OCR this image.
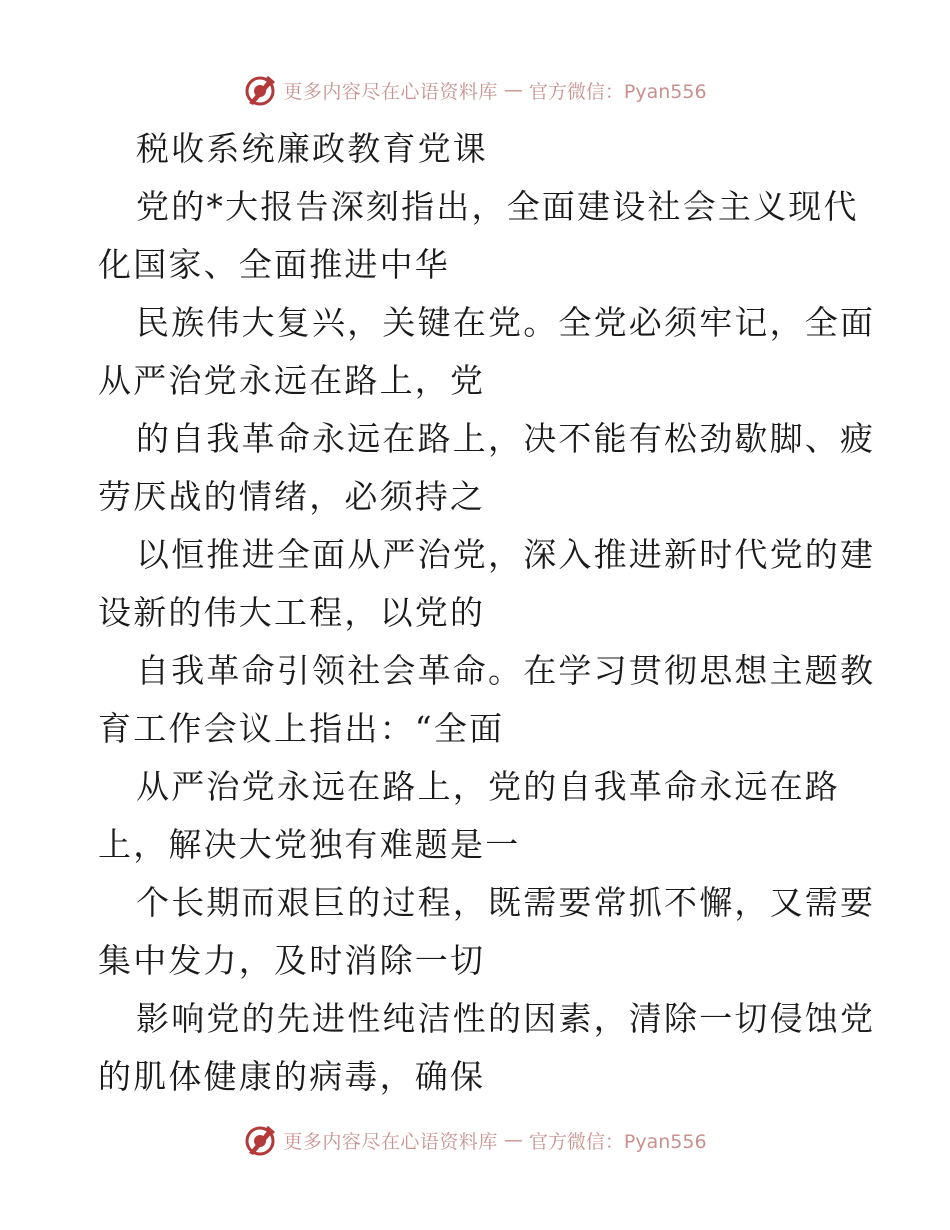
更多内容尽在心语资料库 — 官方微信：Pyan556
税收系统廉政教育党课
党的*大报告深刻指出，全面建设社会主义现代
化国家、全面推进中华
民族伟大复兴，关键在党。全党必须牢记，全面
从严治党永远在路上，党
的自我革命永远在路上，决不能有松劲歇脚、疲
劳厌战的情绪，必须持之
以恒推进全面从严治党，深入推进新时代党的建
设新的伟大工程，以党的
自我革命引领社会革命。在学习贯彻思想主题教
育工作会议上指出：“全面
从严治党永远在路上，党的自我革命永远在路
上，解决大党独有难题是一
个长期而艰巨的过程，既需要常抓不懈，又需要
集中发力，及时消除一切
影响党的先进性纯洁性的因素，清除一切侵蚀党
的肌体健康的病毒，确保
更多内容尽在心语资料库 — 官方微信：Pyan556
